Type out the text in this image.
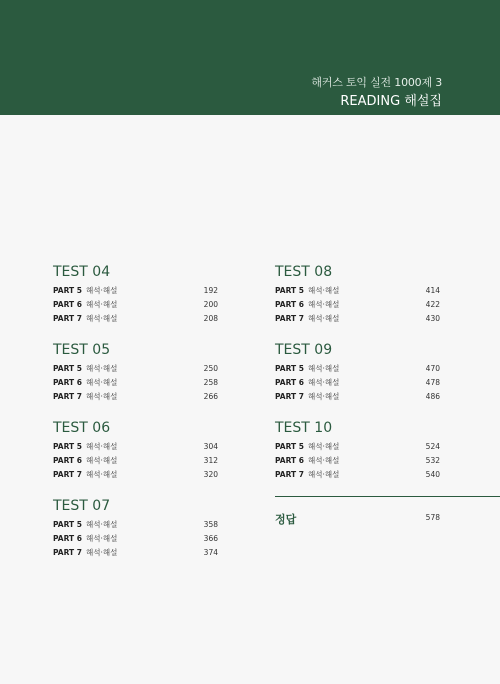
해커스 토익 실전 1000제 3
READING 해설집
TEST 04
PART 5 해석·해설	192
PART 6 해석·해설	200
PART 7 해석·해설	208
TEST 05
PART 5 해석·해설	250
PART 6 해석·해설	258
PART 7 해석·해설	266
TEST 06
PART 5 해석·해설	304
PART 6 해석·해설	312
PART 7 해석·해설	320
TEST 07
PART 5 해석·해설	358
PART 6 해석·해설	366
PART 7 해석·해설	374
TEST 08
PART 5 해석·해설	414
PART 6 해석·해설	422
PART 7 해석·해설	430
TEST 09
PART 5 해석·해설	470
PART 6 해석·해설	478
PART 7 해석·해설	486
TEST 10
PART 5 해석·해설	524
PART 6 해석·해설	532
PART 7 해석·해설	540
정답	578
